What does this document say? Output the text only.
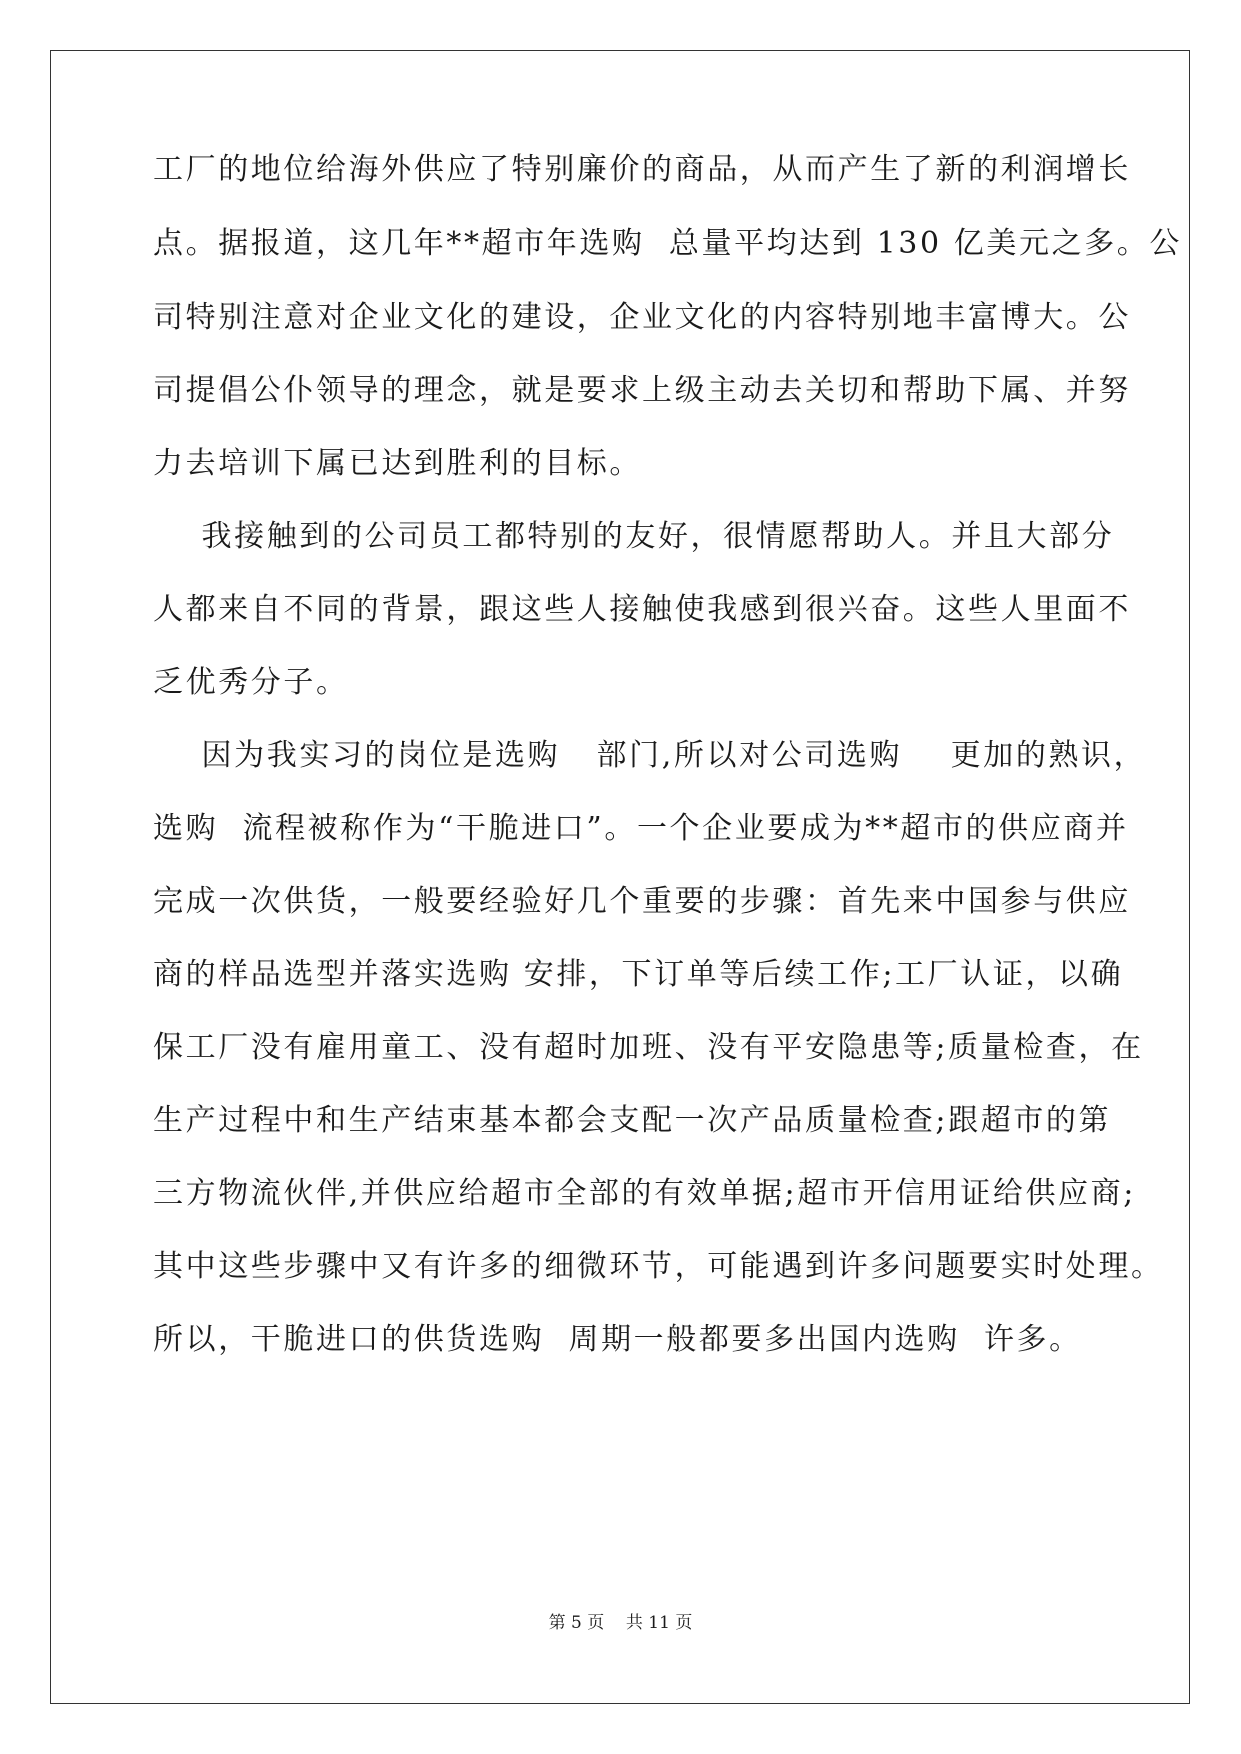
工厂的地位给海外供应了特别廉价的商品，从而产生了新的利润增长
点。据报道，这几年**超市年选购  总量平均达到 130 亿美元之多。公
司特别注意对企业文化的建设，企业文化的内容特别地丰富博大。公
司提倡公仆领导的理念，就是要求上级主动去关切和帮助下属、并努
力去培训下属已达到胜利的目标。
我接触到的公司员工都特别的友好，很情愿帮助人。并且大部分
人都来自不同的背景，跟这些人接触使我感到很兴奋。这些人里面不
乏优秀分子。
因为我实习的岗位是选购   部门,所以对公司选购    更加的熟识，
选购  流程被称作为“干脆进口”。一个企业要成为**超市的供应商并
完成一次供货，一般要经验好几个重要的步骤：首先来中国参与供应
商的样品选型并落实选购 安排，下订单等后续工作;工厂认证，以确
保工厂没有雇用童工、没有超时加班、没有平安隐患等;质量检查，在
生产过程中和生产结束基本都会支配一次产品质量检查;跟超市的第
三方物流伙伴,并供应给超市全部的有效单据;超市开信用证给供应商;
其中这些步骤中又有许多的细微环节，可能遇到许多问题要实时处理。
所以，干脆进口的供货选购  周期一般都要多出国内选购  许多。
第 5 页    共 11 页
